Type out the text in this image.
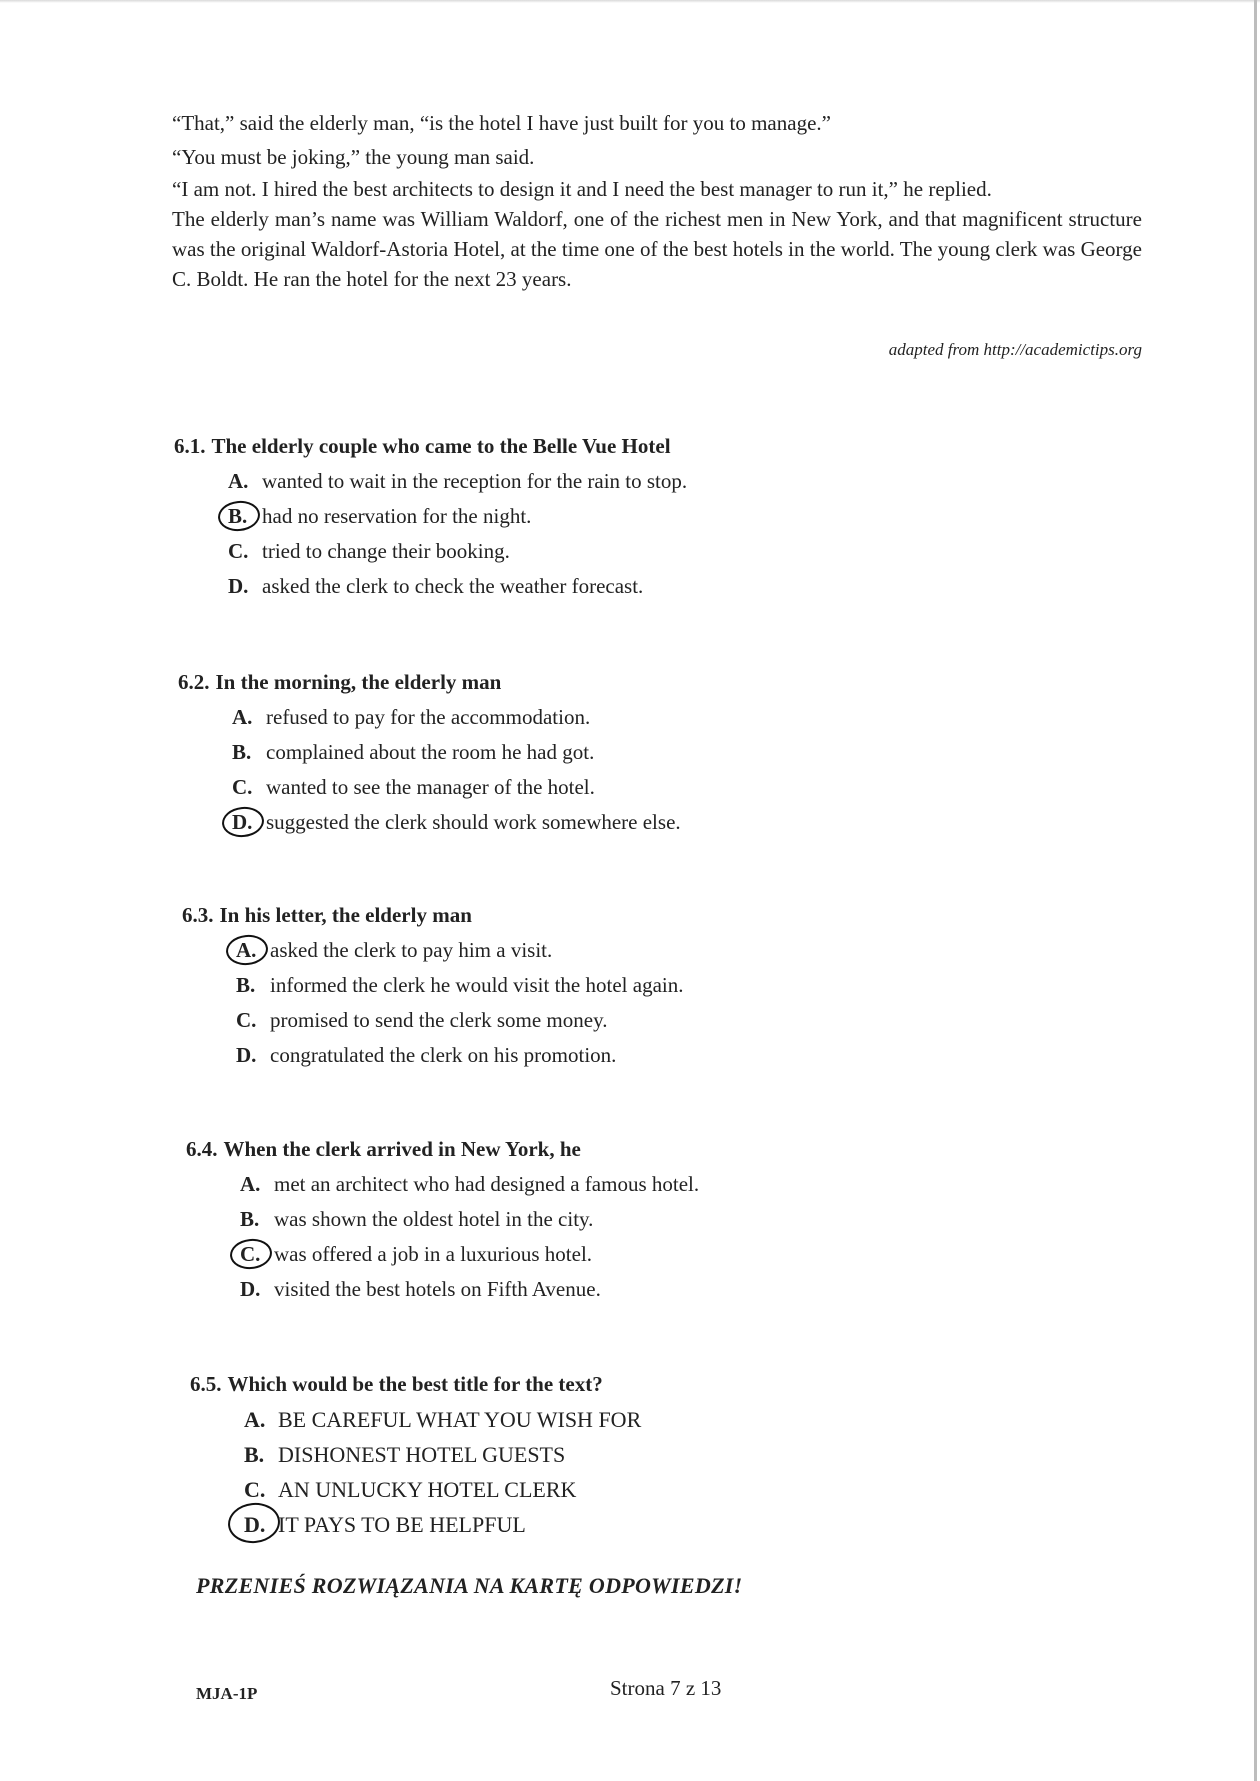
“That,” said the elderly man, “is the hotel I have just built for you to manage.”

“You must be joking,” the young man said.

“I am not. I hired the best architects to design it and I need the best manager to run it,” he replied.

The elderly man’s name was William Waldorf, one of the richest men in New York, and that magnificent structure was the original Waldorf-Astoria Hotel, at the time one of the best hotels in the world. The young clerk was George C. Boldt. He ran the hotel for the next 23 years.

adapted from http://academictips.org
6.1. The elderly couple who came to the Belle Vue Hotel
A. wanted to wait in the reception for the rain to stop.
B. had no reservation for the night.
C. tried to change their booking.
D. asked the clerk to check the weather forecast.
6.2. In the morning, the elderly man
A. refused to pay for the accommodation.
B. complained about the room he had got.
C. wanted to see the manager of the hotel.
D. suggested the clerk should work somewhere else.
6.3. In his letter, the elderly man
A. asked the clerk to pay him a visit.
B. informed the clerk he would visit the hotel again.
C. promised to send the clerk some money.
D. congratulated the clerk on his promotion.
6.4. When the clerk arrived in New York, he
A. met an architect who had designed a famous hotel.
B. was shown the oldest hotel in the city.
C. was offered a job in a luxurious hotel.
D. visited the best hotels on Fifth Avenue.
6.5. Which would be the best title for the text?
A. BE CAREFUL WHAT YOU WISH FOR
B. DISHONEST HOTEL GUESTS
C. AN UNLUCKY HOTEL CLERK
D. IT PAYS TO BE HELPFUL
PRZENIEŚ ROZWIĄZANIA NA KARTĘ ODPOWIEDZI!
MJA-1P	Strona 7 z 13
